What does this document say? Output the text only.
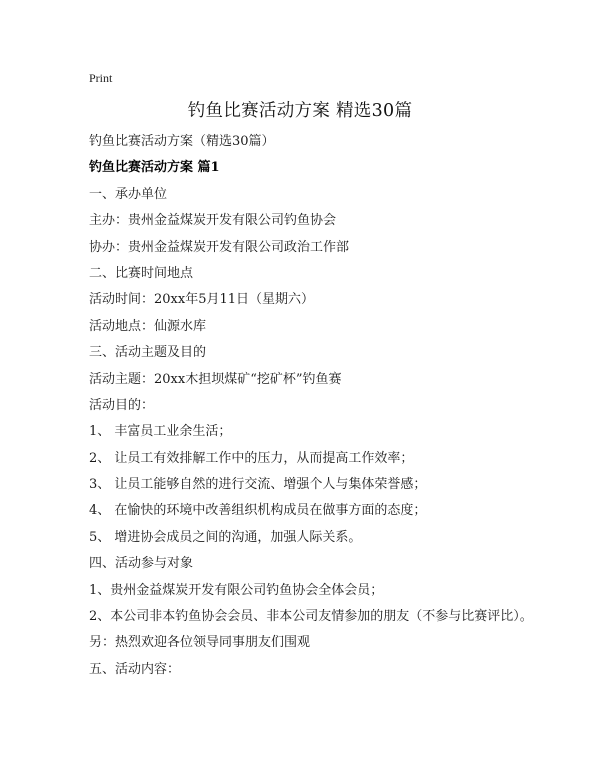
Print
钓鱼比赛活动方案 精选30篇

钓鱼比赛活动方案（精选30篇）

钓鱼比赛活动方案 篇1

一、承办单位

主办：贵州金益煤炭开发有限公司钓鱼协会

协办：贵州金益煤炭开发有限公司政治工作部

二、比赛时间地点

活动时间：20xx年5月11日（星期六）

活动地点：仙源水库

三、活动主题及目的

活动主题：20xx木担坝煤矿“挖矿杯”钓鱼赛

活动目的：

1、 丰富员工业余生活；

2、 让员工有效排解工作中的压力，从而提高工作效率；

3、 让员工能够自然的进行交流、增强个人与集体荣誉感；

4、 在愉快的环境中改善组织机构成员在做事方面的态度；

5、 增进协会成员之间的沟通，加强人际关系。

四、活动参与对象

1、贵州金益煤炭开发有限公司钓鱼协会全体会员；

2、本公司非本钓鱼协会会员、非本公司友情参加的朋友（不参与比赛评比）。

另：热烈欢迎各位领导同事朋友们围观

五、活动内容：
